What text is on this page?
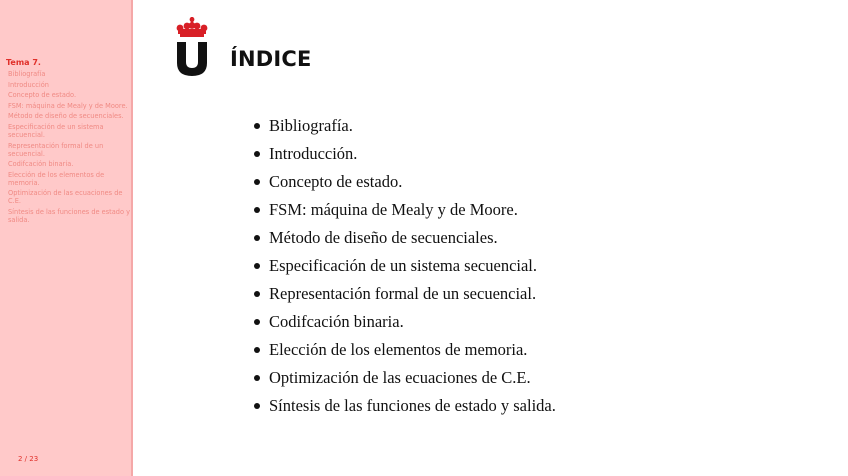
Tema 7.
Bibliografía
Introducción
Concepto de estado.
FSM: máquina de Mealy y de Moore.
Método de diseño de secuenciales.
Especificación de un sistema secuencial.
Representación formal de un secuencial.
Codifcación binaria.
Elección de los elementos de memoria.
Optimización de las ecuaciones de C.E.
Síntesis de las funciones de estado y salida.
2 / 23
ÍNDICE
Bibliografía.
Introducción.
Concepto de estado.
FSM: máquina de Mealy y de Moore.
Método de diseño de secuenciales.
Especificación de un sistema secuencial.
Representación formal de un secuencial.
Codifcación binaria.
Elección de los elementos de memoria.
Optimización de las ecuaciones de C.E.
Síntesis de las funciones de estado y salida.
